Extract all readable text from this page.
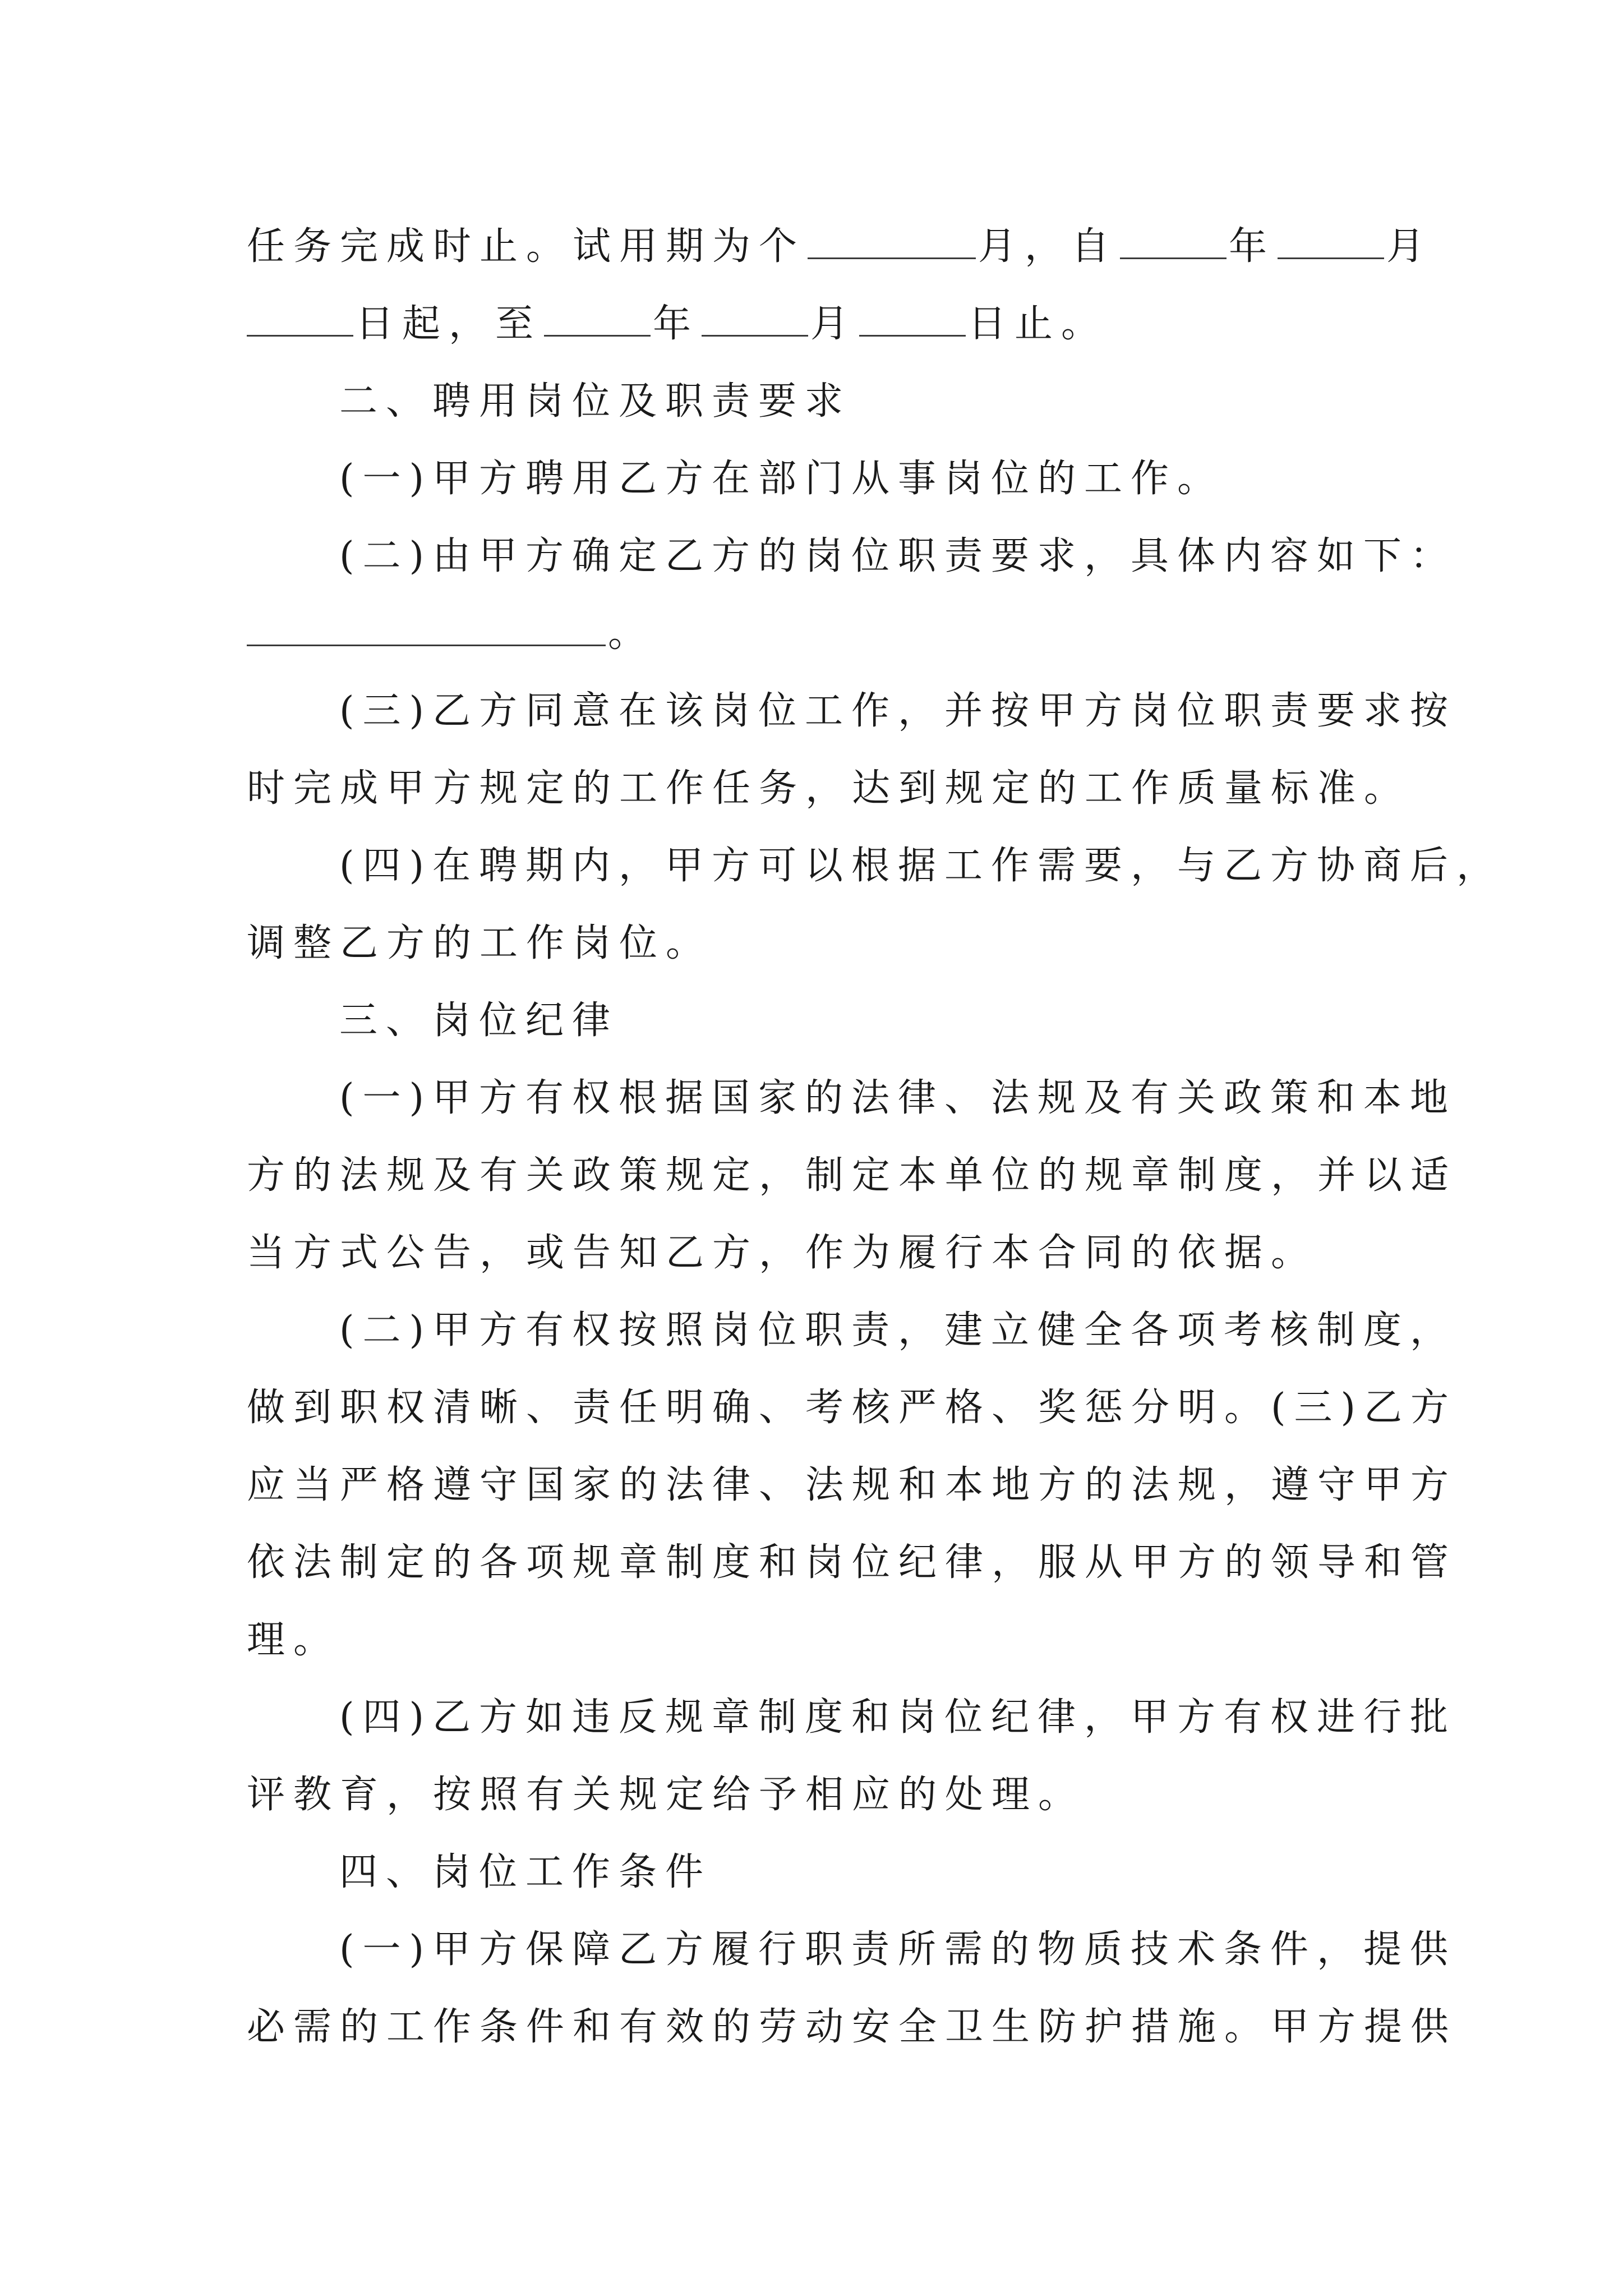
任务完成时止。试用期为个	月，自	年	月
日起，至	年	月	日止。
二、聘用岗位及职责要求
(一)甲方聘用乙方在部门从事岗位的工作。
(二)由甲方确定乙方的岗位职责要求，具体内容如下：
。
(三)乙方同意在该岗位工作，并按甲方岗位职责要求按
时完成甲方规定的工作任务，达到规定的工作质量标准。
(四)在聘期内，甲方可以根据工作需要，与乙方协商后，
调整乙方的工作岗位。
三、岗位纪律
(一)甲方有权根据国家的法律、法规及有关政策和本地
方的法规及有关政策规定，制定本单位的规章制度，并以适
当方式公告，或告知乙方，作为履行本合同的依据。
(二)甲方有权按照岗位职责，建立健全各项考核制度，
做到职权清晰、责任明确、考核严格、奖惩分明。(三)乙方
应当严格遵守国家的法律、法规和本地方的法规，遵守甲方
依法制定的各项规章制度和岗位纪律，服从甲方的领导和管
理。
(四)乙方如违反规章制度和岗位纪律，甲方有权进行批
评教育，按照有关规定给予相应的处理。
四、岗位工作条件
(一)甲方保障乙方履行职责所需的物质技术条件，提供
必需的工作条件和有效的劳动安全卫生防护措施。甲方提供
